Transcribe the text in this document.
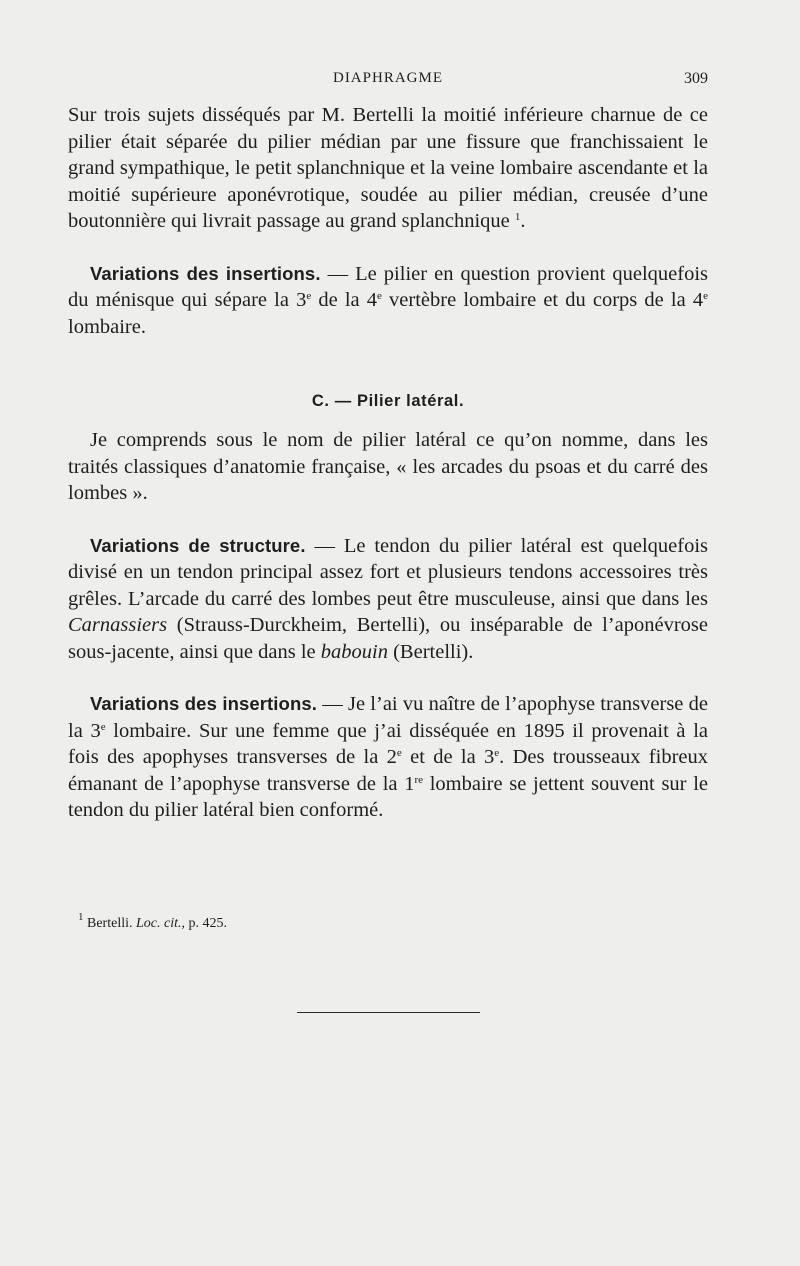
DIAPHRAGME	309

Sur trois sujets disséqués par M. Bertelli la moitié inférieure charnue de ce pilier était séparée du pilier médian par une fissure que franchissaient le grand sympathique, le petit splanchnique et la veine lombaire ascendante et la moitié supérieure aponévrotique, soudée au pilier médian, creusée d’une boutonnière qui livrait passage au grand splanchnique $^1$.

Variations des insertions. — Le pilier en question provient quelquefois du ménisque qui sépare la 3e de la 4e vertèbre lombaire et du corps de la 4e lombaire.

C. — Pilier latéral.

Je comprends sous le nom de pilier latéral ce qu’on nomme, dans les traités classiques d’anatomie française, « les arcades du psoas et du carré des lombes ».

Variations de structure. — Le tendon du pilier latéral est quelquefois divisé en un tendon principal assez fort et plusieurs tendons accessoires très grêles. L’arcade du carré des lombes peut être musculeuse, ainsi que dans les Carnassiers (Strauss-Durckheim, Bertelli), ou inséparable de l’aponévrose sous-jacente, ainsi que dans le babouin (Bertelli).

Variations des insertions. — Je l’ai vu naître de l’apophyse transverse de la 3e lombaire. Sur une femme que j’ai disséquée en 1895 il provenait à la fois des apophyses transverses de la 2e et de la 3e. Des trousseaux fibreux émanant de l’apophyse transverse de la 1re lombaire se jettent souvent sur le tendon du pilier latéral bien conformé.

$^1$ Bertelli. Loc. cit., p. 425.
